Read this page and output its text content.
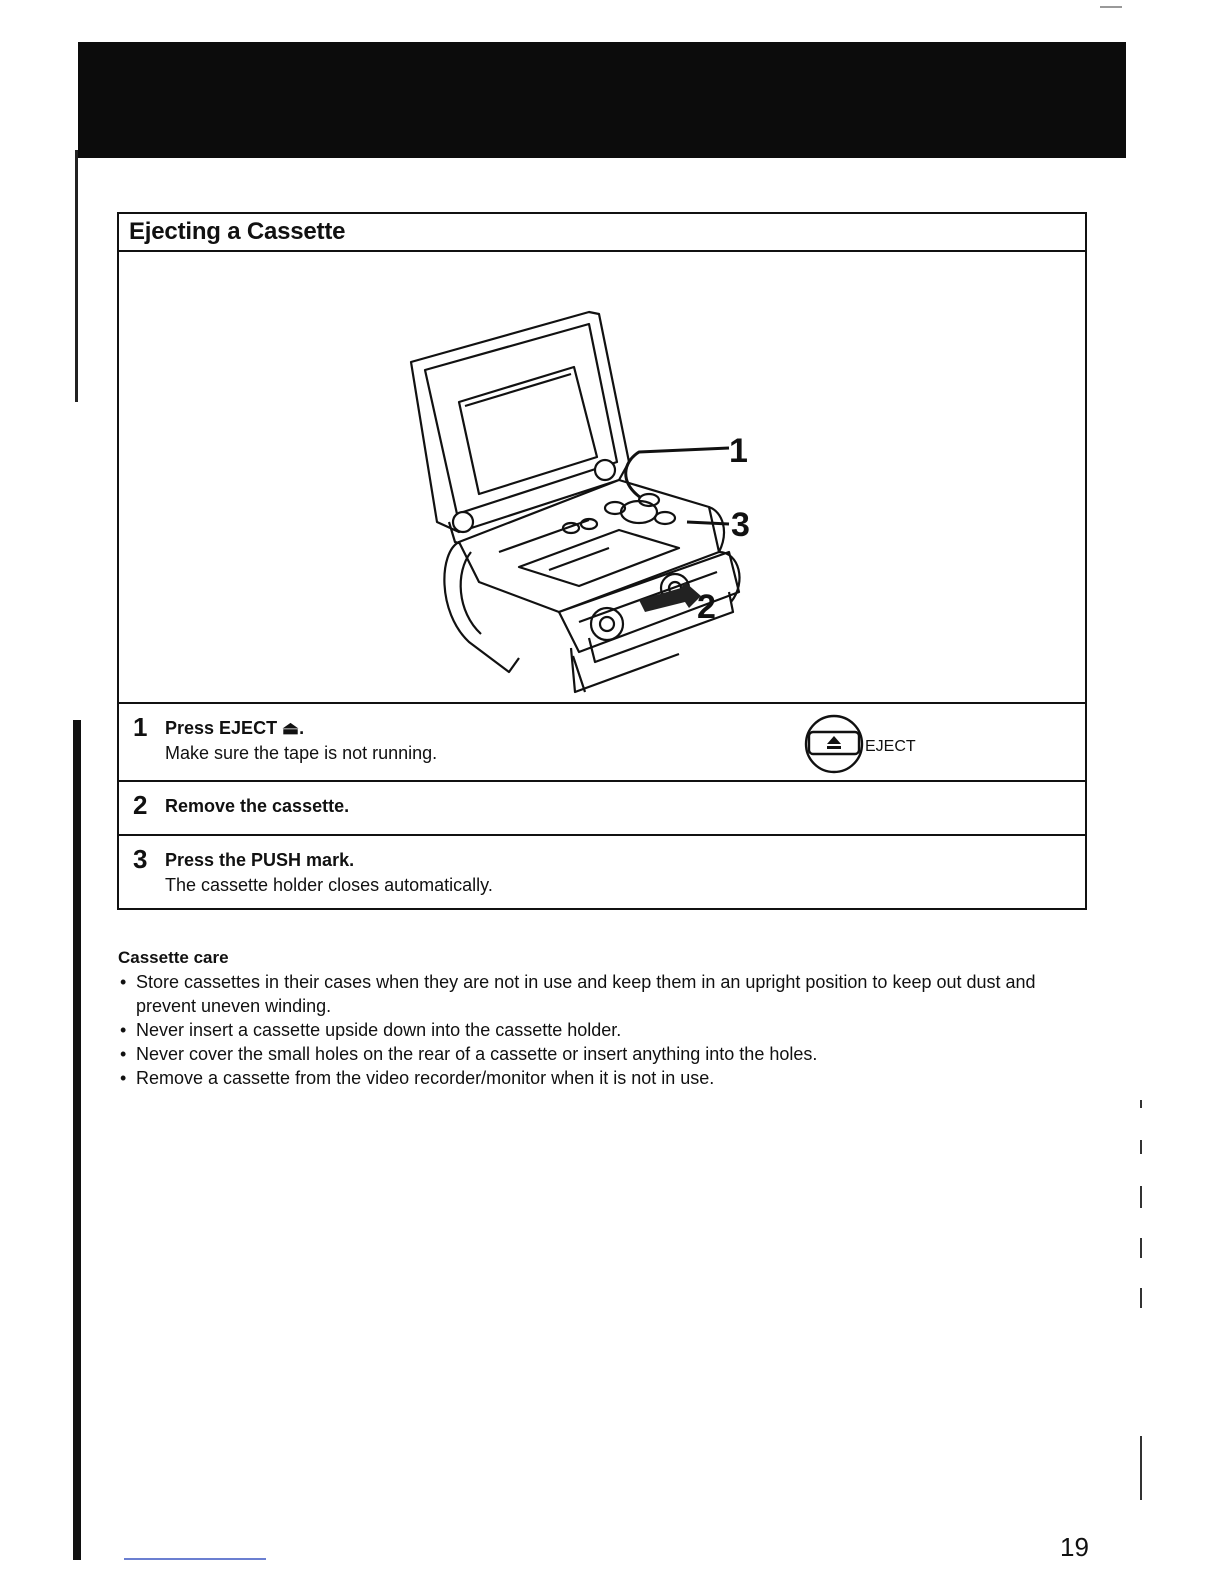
Ejecting a Cassette
1
2
3
1 Press EJECT ⏏.
Make sure the tape is not running.	EJECT
2 Remove the cassette.
3 Press the PUSH mark.
The cassette holder closes automatically.
Cassette care
• Store cassettes in their cases when they are not in use and keep them in an upright position to keep out dust and prevent uneven winding.
• Never insert a cassette upside down into the cassette holder.
• Never cover the small holes on the rear of a cassette or insert anything into the holes.
• Remove a cassette from the video recorder/monitor when it is not in use.
19
